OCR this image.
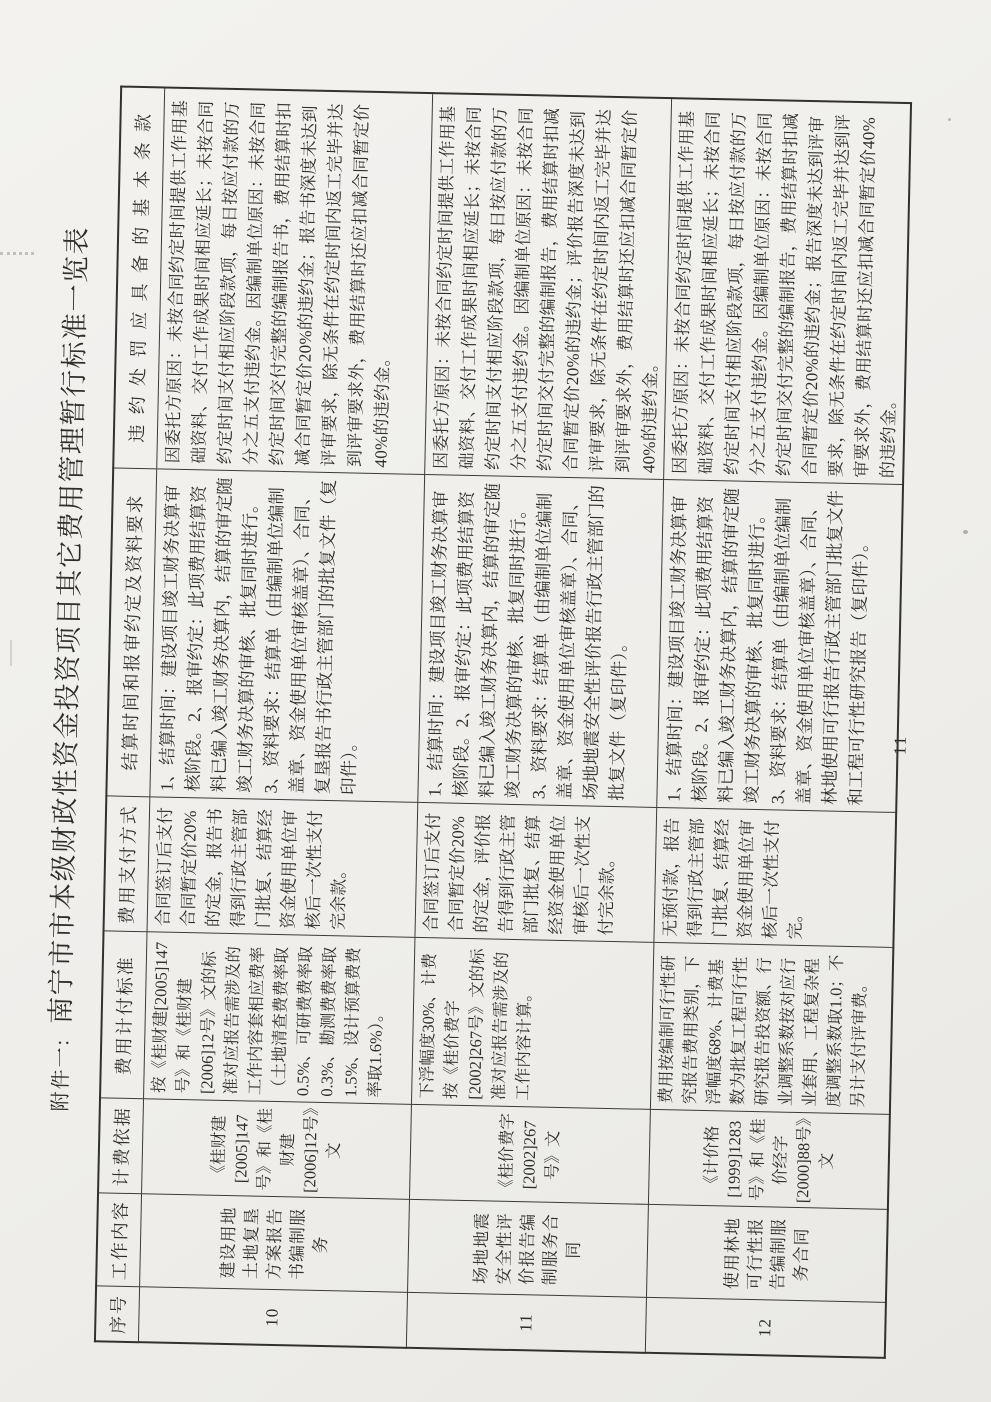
附件一:
南宁市市本级财政性资金投资项目其它费用管理暂行标准一览表
序号	工作内容	计费依据	费用计付标准	费用支付方式	结算时间和报审约定及资料要求	违约处罚应具备的基本条款
10	建设用地土地复垦方案报告书编制服务	《桂财建[2005]147号》和《桂财建[2006]12号》文	按《桂财建[2005]147号》和《桂财建[2006]12号》文的标准对应报告需涉及的工作内容套相应费率（土地清查费费率取0.5%、可研费费率取0.3%、勘测费费率取1.5%、设计预算费费率取1.6%）。	合同签订后支付合同暂定价20%的定金，报告书得到行政主管部门批复、结算经资金使用单位审核后一次性支付完余款。	1、结算时间：建设项目竣工财务决算审核阶段。2、报审约定：此项费用结算资料已编入竣工财务决算内，结算的审定随竣工财务决算的审核、批复同时进行。3、资料要求：结算单（由编制单位编制盖章、资金使用单位审核盖章）、合同、复垦报告书行政主管部门的批复文件（复印件）。	因委托方原因：未按合同约定时间提供工作用基础资料、交付工作成果时间相应延长；未按合同约定时间支付相应阶段款项，每日按应付款的万分之五支付违约金。因编制单位原因：未按合同约定时间交付完整的编制报告书，费用结算时扣减合同暂定价20%的违约金；报告书深度未达到评审要求，除无条件在约定时间内返工完毕并达到评审要求外，费用结算时还应扣减合同暂定价40%的违约金。
11	场地地震安全性评价报告编制服务合同	《桂价费字[2002]267号》文	下浮幅度30%、计费按《桂价费字[2002]267号》文的标准对应报告需涉及的工作内容计算。	合同签订后支付合同暂定价20%的定金，评价报告得到行政主管部门批复、结算经资金使用单位审核后一次性支付完余款。	1、结算时间：建设项目竣工财务决算审核阶段。2、报审约定：此项费用结算资料已编入竣工财务决算内，结算的审定随竣工财务决算的审核、批复同时进行。3、资料要求：结算单（由编制单位编制盖章、资金使用单位审核盖章）、合同、场地地震安全性评价报告行政主管部门的批复文件（复印件）。	因委托方原因：未按合同约定时间提供工作用基础资料、交付工作成果时间相应延长；未按合同约定时间支付相应阶段款项，每日按应付款的万分之五支付违约金。因编制单位原因：未按合同约定时间交付完整的编制报告，费用结算时扣减合同暂定价20%的违约金；评价报告深度未达到评审要求，除无条件在约定时间内返工完毕并达到评审要求外，费用结算时还应扣减合同暂定价40%的违约金。
12	使用林地可行性报告编制服务合同	《计价格[1999]1283号》和《桂价经字[2000]88号》文	费用按编制可行性研究报告费用类别，下浮幅度68%、计费基数为批复工程可行性研究报告投资额、行业调整系数按对应行业套用、工程复杂程度调整系数取1.0；不另计支付评审费。	无预付款，报告得到行政主管部门批复、结算经资金使用单位审核后一次性支付完。	1、结算时间：建设项目竣工财务决算审核阶段。2、报审约定：此项费用结算资料已编入竣工财务决算内，结算的审定随竣工财务决算的审核、批复同时进行。3、资料要求：结算单（由编制单位编制盖章、资金使用单位审核盖章）、合同、林地使用可行报告行政主管部门批复文件和工程可行性研究报告（复印件）。	因委托方原因：未按合同约定时间提供工作用基础资料、交付工作成果时间相应延长；未按合同约定时间支付相应阶段款项，每日按应付款的万分之五支付违约金。因编制单位原因：未按合同约定时间交付完整的编制报告，费用结算时扣减合同暂定价20%的违约金；报告深度未达到评审要求，除无条件在约定时间内返工完毕并达到评审要求外，费用结算时还应扣减合同暂定价40%的违约金。
11
